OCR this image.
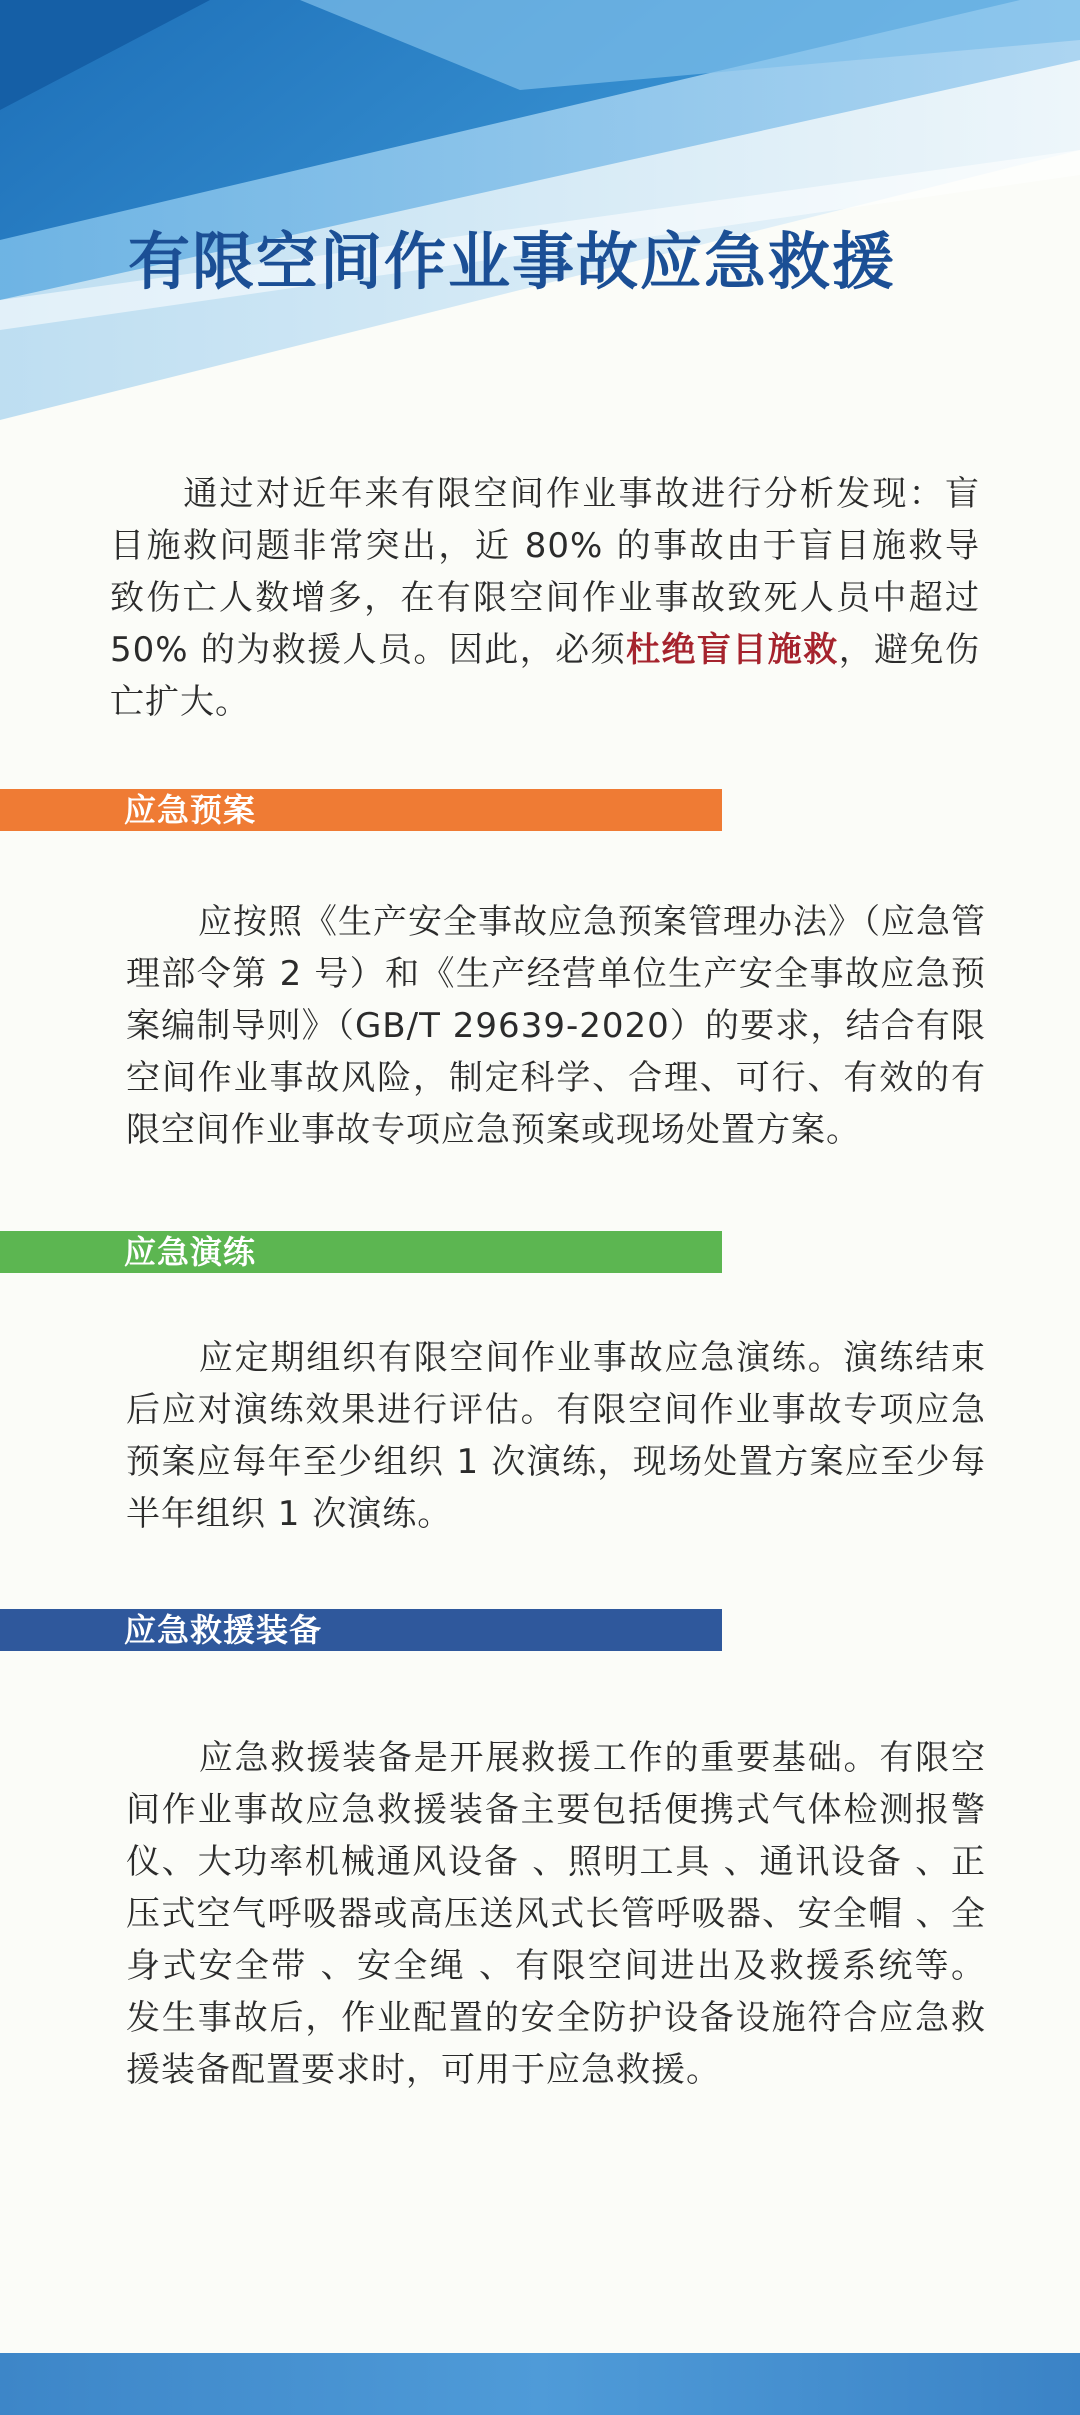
有限空间作业事故应急救援

通过对近年来有限空间作业事故进行分析发现：盲目施救问题非常突出，近 80% 的事故由于盲目施救导致伤亡人数增多，在有限空间作业事故致死人员中超过 50% 的为救援人员。因此，必须杜绝盲目施救，避免伤亡扩大。

应急预案

应按照《生产安全事故应急预案管理办法》（应急管理部令第 2 号）和《生产经营单位生产安全事故应急预案编制导则》（GB/T 29639-2020）的要求，结合有限空间作业事故风险，制定科学、合理、可行、有效的有限空间作业事故专项应急预案或现场处置方案。

应急演练

应定期组织有限空间作业事故应急演练。演练结束后应对演练效果进行评估。有限空间作业事故专项应急预案应每年至少组织 1 次演练，现场处置方案应至少每半年组织 1 次演练。

应急救援装备

应急救援装备是开展救援工作的重要基础。有限空间作业事故应急救援装备主要包括便携式气体检测报警仪、大功率机械通风设备 、照明工具 、通讯设备 、正压式空气呼吸器或高压送风式长管呼吸器、安全帽 、全身式安全带 、安全绳 、有限空间进出及救援系统等。发生事故后，作业配置的安全防护设备设施符合应急救援装备配置要求时，可用于应急救援。
